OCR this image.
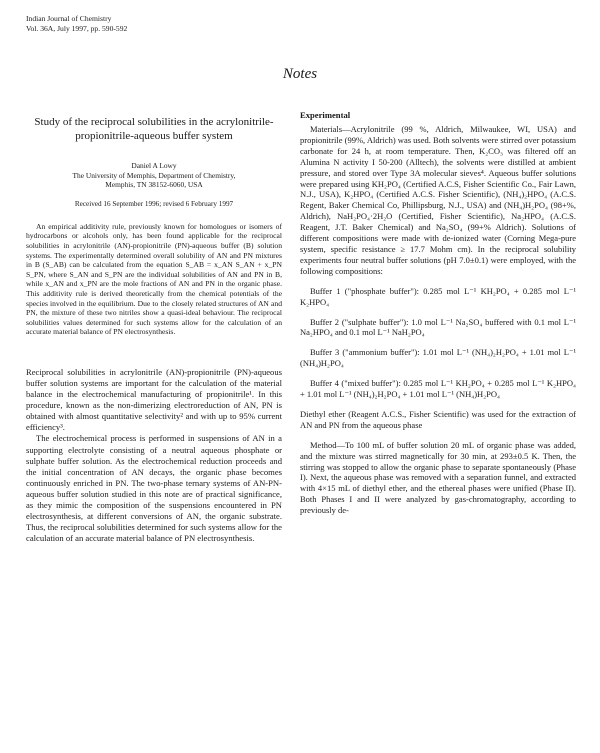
Indian Journal of Chemistry
Vol. 36A, July 1997, pp. 590-592
Notes
Study of the reciprocal solubilities in the acrylonitrile-propionitrile-aqueous buffer system
Daniel A Lowy
The University of Memphis, Department of Chemistry,
Memphis, TN 38152-6060, USA
Received 16 September 1996; revised 6 February 1997

An empirical additivity rule, previously known for homologues or isomers of hydrocarbons or alcohols only, has been found applicable for the reciprocal solubilities in acrylonitrile (AN)-propionitrile (PN)-aqueous buffer (B) solution systems. The experimentally determined overall solubility of AN and PN mixtures in B (S_AB) can be calculated from the equation S_AB = x_AN S_AN + x_PN S_PN, where S_AN and S_PN are the individual solubilities of AN and PN in B, while x_AN and x_PN are the mole fractions of AN and PN in the organic phase. This additivity rule is derived theoretically from the chemical potentials of the species involved in the equilibrium. Due to the closely related structures of AN and PN, the mixture of these two nitriles show a quasi-ideal behaviour. The reciprocal solubilities values determined for such systems allow for the calculation of an accurate material balance of PN electrosynthesis.

Reciprocal solubilities in acrylonitrile (AN)-propionitrile (PN)-aqueous buffer solution systems are important for the calculation of the material balance in the electrochemical manufacturing of propionitrile¹. In this procedure, known as the non-dimerizing electroreduction of AN, PN is obtained with almost quantitative selectivity² and with up to 95% current efficiency³.

The electrochemical process is performed in suspensions of AN in a supporting electrolyte consisting of a neutral aqueous phosphate or sulphate buffer solution. As the electrochemical reduction proceeds and the initial concentration of AN decays, the organic phase becomes continuously enriched in PN. The two-phase ternary systems of AN-PN-aqueous buffer solution studied in this note are of practical significance, as they mimic the composition of the suspensions encountered in PN electrosynthesis, at different conversions of AN, the organic substrate. Thus, the reciprocal solubilities determined for such systems allow for the calculation of an accurate material balance of PN electrosynthesis.

Experimental

Materials—Acrylonitrile (99 %, Aldrich, Milwaukee, WI, USA) and propionitrile (99%, Aldrich) was used. Both solvents were stirred over potassium carbonate for 24 h, at room temperature. Then, K₂CO₃ was filtered off an Alumina N activity I 50-200 (Alltech), the solvents were distilled at ambient pressure, and stored over Type 3A molecular sieves⁴. Aqueous buffer solutions were prepared using KH₂PO₄ (Certified A.C.S, Fisher Scientific Co., Fair Lawn, N.J., USA), K₂HPO₄ (Certified A.C.S. Fisher Scientific), (NH₄)₂HPO₄ (A.C.S. Regent, Baker Chemical Co, Phillipsburg, N.J., USA) and (NH₄)H₂PO₄ (98+%, Aldrich), NaH₂PO₄·2H₂O (Certified, Fisher Scientific), Na₂HPO₄ (A.C.S. Reagent, J.T. Baker Chemical) and Na₂SO₄ (99+% Aldrich). Solutions of different compositions were made with de-ionized water (Corning Mega-pure system, specific resistance ≥ 17.7 Mohm cm). In the reciprocal solubility experiments four neutral buffer solutions (pH 7.0±0.1) were employed, with the following compositions:

Buffer 1 ("phosphate buffer"): 0.285 mol L⁻¹ KH₂PO₄ + 0.285 mol L⁻¹ K₂HPO₄

Buffer 2 ("sulphate buffer"): 1.0 mol L⁻¹ Na₂SO₄ buffered with 0.1 mol L⁻¹ Na₂HPO₄ and 0.1 mol L⁻¹ NaH₂PO₄

Buffer 3 ("ammonium buffer"): 1.01 mol L⁻¹ (NH₄)₂H₂PO₄ + 1.01 mol L⁻¹ (NH₄)H₂PO₄

Buffer 4 ("mixed buffer"): 0.285 mol L⁻¹ KH₂PO₄ + 0.285 mol L⁻¹ K₂HPO₄ + 1.01 mol L⁻¹ (NH₄)₂H₂PO₄ + 1.01 mol L⁻¹ (NH₄)H₂PO₄

Diethyl ether (Reagent A.C.S., Fisher Scientific) was used for the extraction of AN and PN from the aqueous phase

Method—To 100 mL of buffer solution 20 mL of organic phase was added, and the mixture was stirred magnetically for 30 min, at 293±0.5 K. Then, the stirring was stopped to allow the organic phase to separate spontaneously (Phase I). Next, the aqueous phase was removed with a separation funnel, and extracted with 4×15 mL of diethyl ether, and the ethereal phases were unified (Phase II). Both Phases I and II were analyzed by gas-chromatography, according to previously de-
